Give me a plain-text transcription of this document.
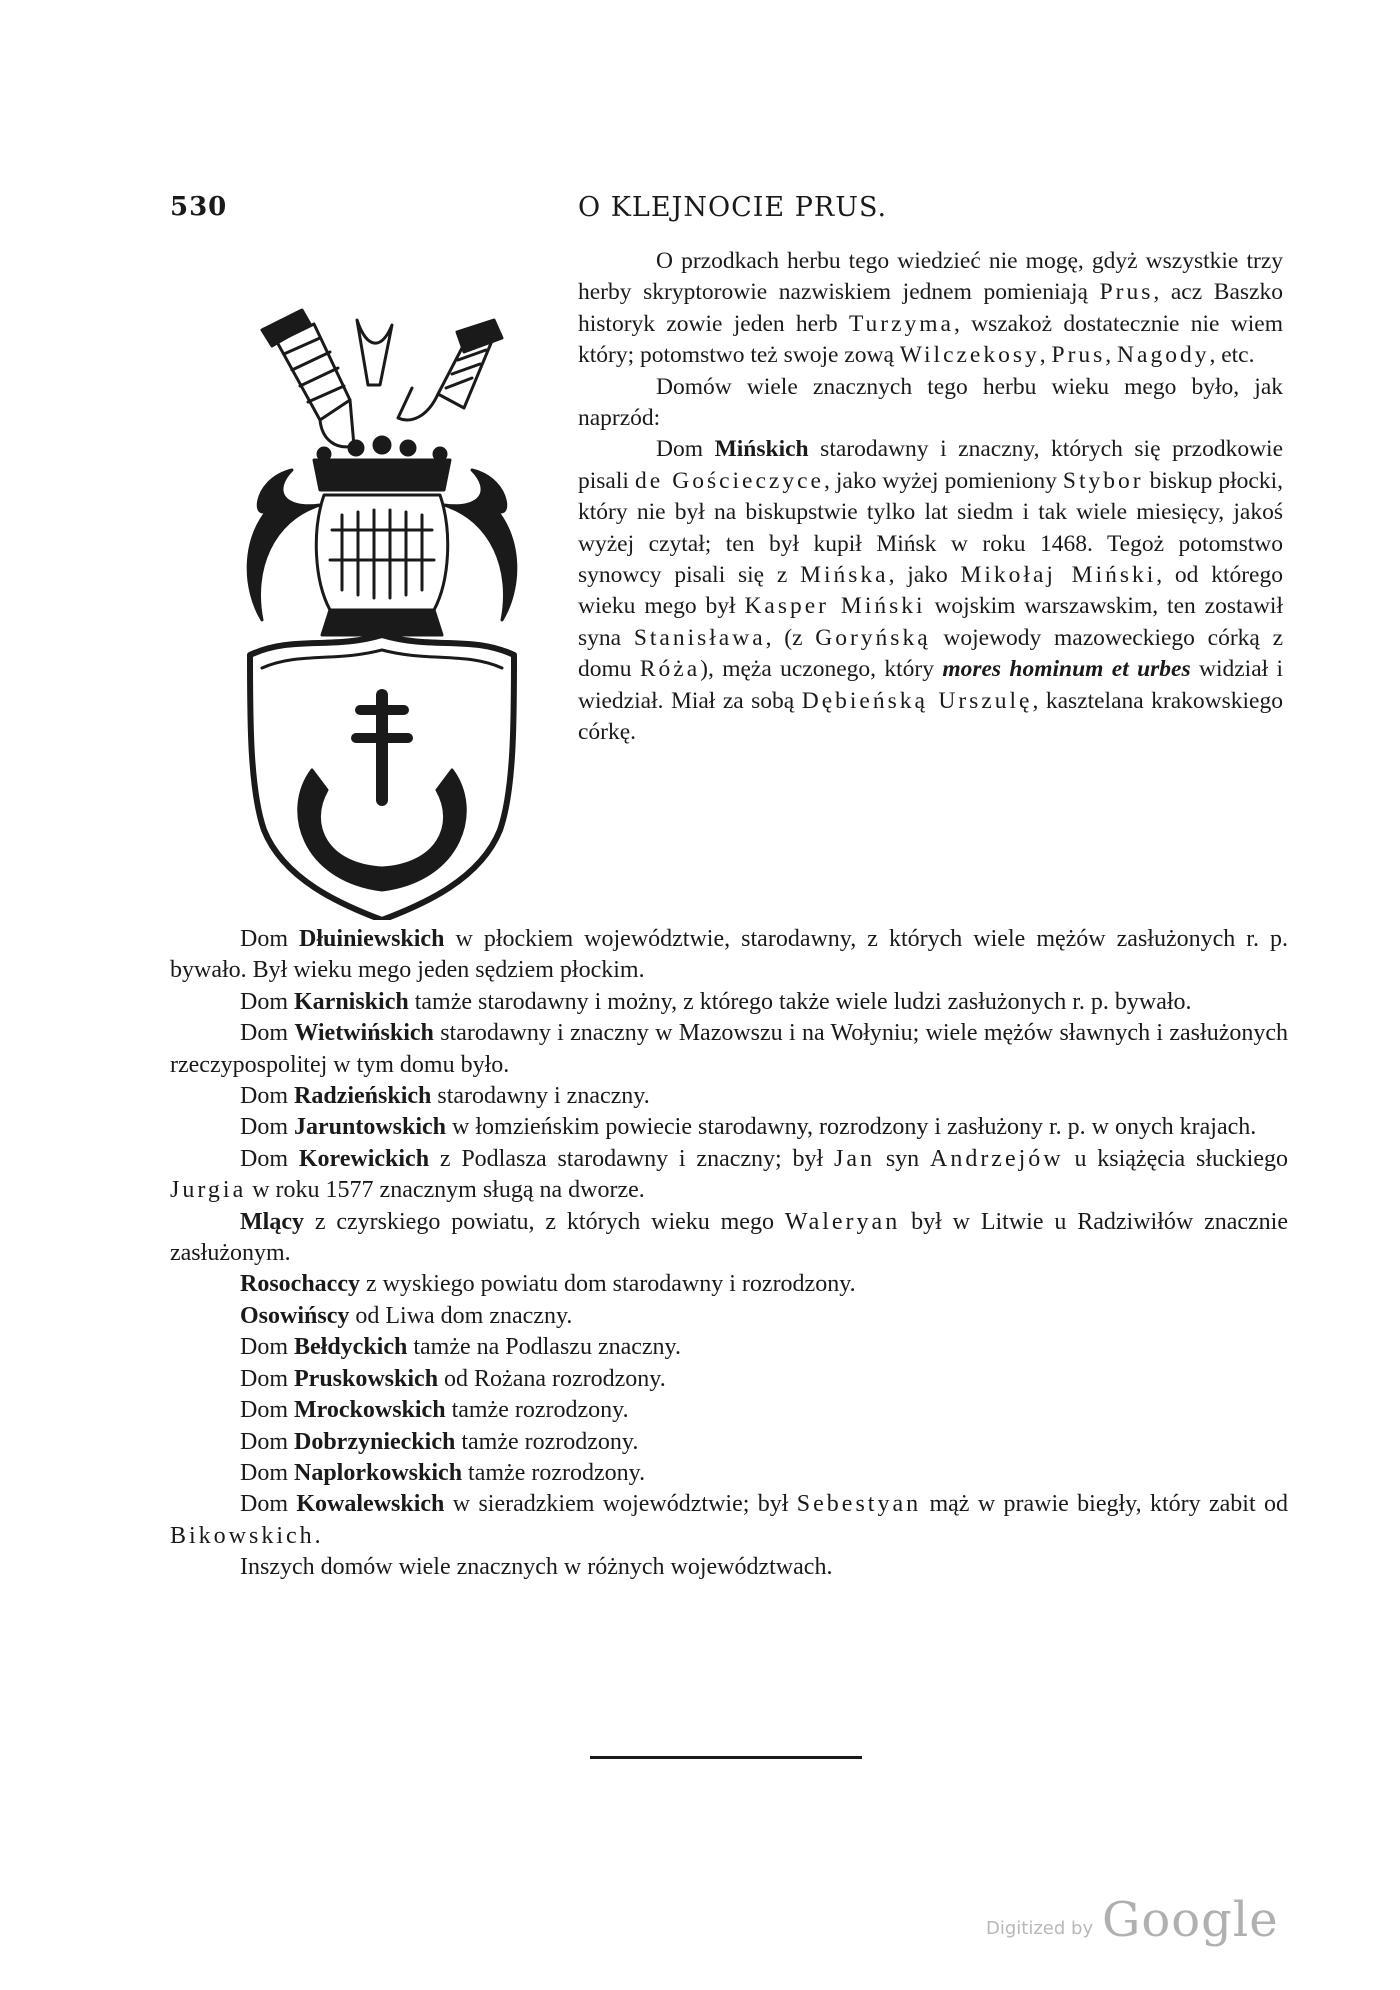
530	O KLEJNOCIE PRUS.

O przodkach herbu tego wiedzieć nie mogę, gdyż wszystkie trzy herby skryptorowie nazwiskiem jednem pomieniają Prus, acz Baszko historyk zowie jeden herb Turzyma, wszakoż dostatecznie nie wiem który; potomstwo też swoje zową Wilczekosy, Prus, Nagody, etc.

Domów wiele znacznych tego herbu wieku mego było, jak naprzód:

Dom Mińskich starodawny i znaczny, których się przodkowie pisali de Gościeczyce, jako wyżej pomieniony Stybor biskup płocki, który nie był na biskupstwie tylko lat siedm i tak wiele miesięcy, jakoś wyżej czytał; ten był kupił Mińsk w roku 1468. Tegoż potomstwo synowcy pisali się z Mińska, jako Mikołaj Miński, od którego wieku mego był Kasper Miński wojskim warszawskim, ten zostawił syna Stanisława, (z Goryńską wojewody mazoweckiego córką z domu Róża), męża uczonego, który mores hominum et urbes widział i wiedział. Miał za sobą Dębieńską Urszulę, kasztelana krakowskiego córkę.

Dom Dłuiniewskich w płockiem województwie, starodawny, z których wiele mężów zasłużonych r. p. bywało. Był wieku mego jeden sędziem płockim.

Dom Karniskich tamże starodawny i możny, z którego także wiele ludzi zasłużonych r. p. bywało.

Dom Wietwińskich starodawny i znaczny w Mazowszu i na Wołyniu; wiele mężów sławnych i zasłużonych rzeczypospolitej w tym domu było.

Dom Radzieńskich starodawny i znaczny.

Dom Jaruntowskich w łomzieńskim powiecie starodawny, rozrodzony i zasłużony r. p. w onych krajach.

Dom Korewickich z Podlasza starodawny i znaczny; był Jan syn Andrzejów u książęcia słuckiego Jurgia w roku 1577 znacznym sługą na dworze.

Mlący z czyrskiego powiatu, z których wieku mego Waleryan był w Litwie u Radziwiłów znacznie zasłużonym.

Rosochaccy z wyskiego powiatu dom starodawny i rozrodzony.

Osowińscy od Liwa dom znaczny.

Dom Bełdyckich tamże na Podlaszu znaczny.

Dom Pruskowskich od Rożana rozrodzony.

Dom Mrockowskich tamże rozrodzony.

Dom Dobrzynieckich tamże rozrodzony.

Dom Naplorkowskich tamże rozrodzony.

Dom Kowalewskich w sieradzkiem województwie; był Sebestyan mąż w prawie biegły, który zabit od Bikowskich.

Inszych domów wiele znacznych w różnych województwach.

Digitized by Google
